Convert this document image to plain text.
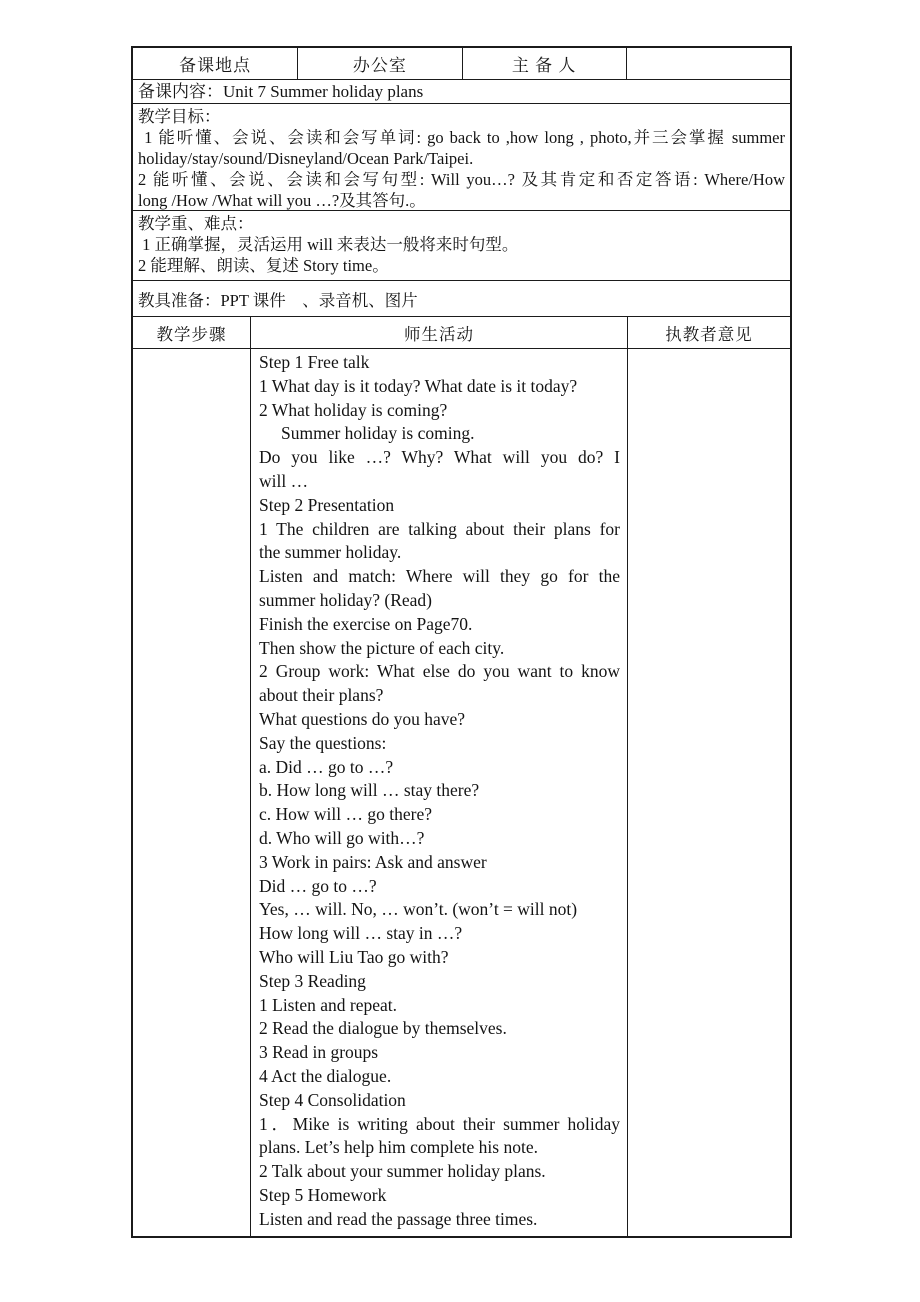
备课地点	办公室	主 备 人
备课内容：Unit 7 Summer holiday plans
教学目标：
1 能听懂、会说、会读和会写单词: go back to ,how long , photo,并三会掌握 summer
holiday/stay/sound/Disneyland/Ocean Park/Taipei.
2 能听懂、会说、会读和会写句型: Will you…? 及其肯定和否定答语: Where/How
long /How /What will you …?及其答句.。
教学重、难点：
1 正确掌握，灵活运用 will 来表达一般将来时句型。
2 能理解、朗读、复述 Story time。
教具准备：PPT 课件　、录音机、图片
教学步骤	师生活动	执教者意见
Step 1 Free talk
1 What day is it today? What date is it today?
2 What holiday is coming?
Summer holiday is coming.
Do you like …? Why? What will you do? I
will …
Step 2 Presentation
1 The children are talking about their plans for
the summer holiday.
Listen and match: Where will they go for the
summer holiday? (Read)
Finish the exercise on Page70.
Then show the picture of each city.
2 Group work: What else do you want to know
about their plans?
What questions do you have?
Say the questions:
a. Did … go to …?
b. How long will … stay there?
c. How will … go there?
d. Who will go with…?
3 Work in pairs: Ask and answer
Did … go to …?
Yes, … will. No, … won’t. (won’t = will not)
How long will … stay in …?
Who will Liu Tao go with?
Step 3 Reading
1 Listen and repeat.
2 Read the dialogue by themselves.
3 Read in groups
4 Act the dialogue.
Step 4 Consolidation
1．Mike is writing about their summer holiday
plans. Let’s help him complete his note.
2 Talk about your summer holiday plans.
Step 5 Homework
Listen and read the passage three times.
